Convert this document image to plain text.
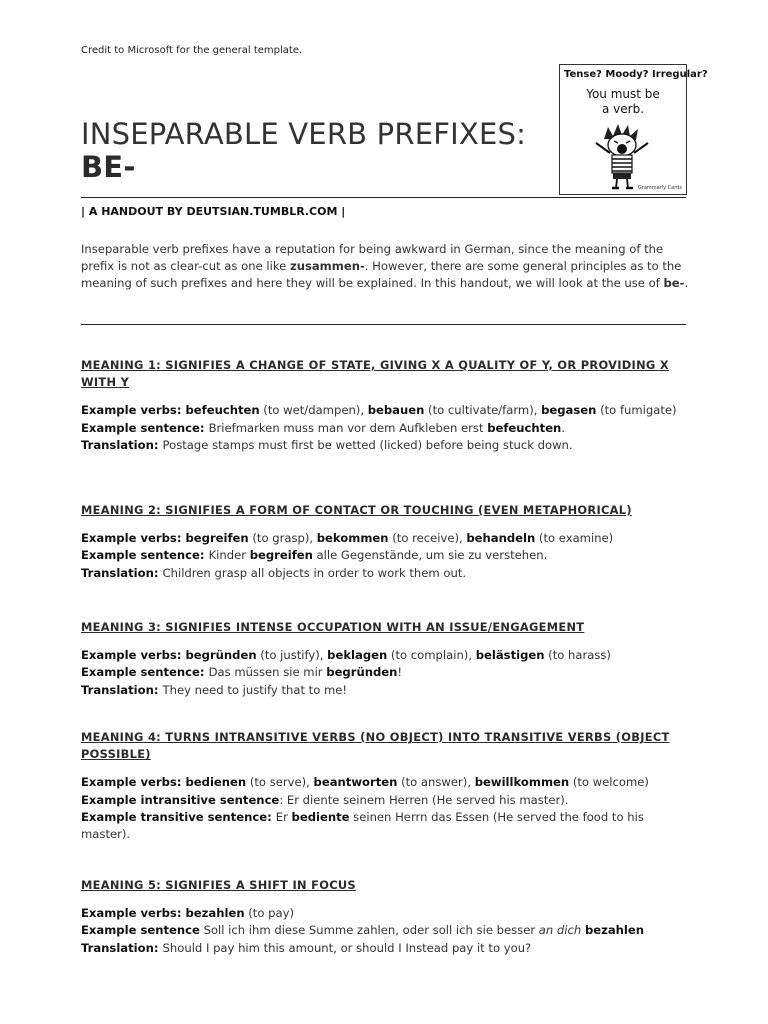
Credit to Microsoft for the general template.
INSEPARABLE VERB PREFIXES:
BE-
Tense? Moody? Irregular?
You must be
a verb.
Grammarly Cards
| A HANDOUT BY DEUTSIAN.TUMBLR.COM |
Inseparable verb prefixes have a reputation for being awkward in German, since the meaning of the prefix is not as clear-cut as one like zusammen-. However, there are some general principles as to the meaning of such prefixes and here they will be explained. In this handout, we will look at the use of be-.
MEANING 1: SIGNIFIES A CHANGE OF STATE, GIVING X A QUALITY OF Y, OR PROVIDING X WITH Y
Example verbs: befeuchten (to wet/dampen), bebauen (to cultivate/farm), begasen (to fumigate)
Example sentence: Briefmarken muss man vor dem Aufkleben erst befeuchten.
Translation: Postage stamps must first be wetted (licked) before being stuck down.
MEANING 2: SIGNIFIES A FORM OF CONTACT OR TOUCHING (EVEN METAPHORICAL)
Example verbs: begreifen (to grasp), bekommen (to receive), behandeln (to examine)
Example sentence: Kinder begreifen alle Gegenstände, um sie zu verstehen.
Translation: Children grasp all objects in order to work them out.
MEANING 3: SIGNIFIES INTENSE OCCUPATION WITH AN ISSUE/ENGAGEMENT
Example verbs: begründen (to justify), beklagen (to complain), belästigen (to harass)
Example sentence: Das müssen sie mir begründen!
Translation: They need to justify that to me!
MEANING 4: TURNS INTRANSITIVE VERBS (NO OBJECT) INTO TRANSITIVE VERBS (OBJECT POSSIBLE)
Example verbs: bedienen (to serve), beantworten (to answer), bewillkommen (to welcome)
Example intransitive sentence: Er diente seinem Herren (He served his master).
Example transitive sentence: Er bediente seinen Herrn das Essen (He served the food to his master).
MEANING 5: SIGNIFIES A SHIFT IN FOCUS
Example verbs: bezahlen (to pay)
Example sentence Soll ich ihm diese Summe zahlen, oder soll ich sie besser an dich bezahlen
Translation: Should I pay him this amount, or should I Instead pay it to you?
